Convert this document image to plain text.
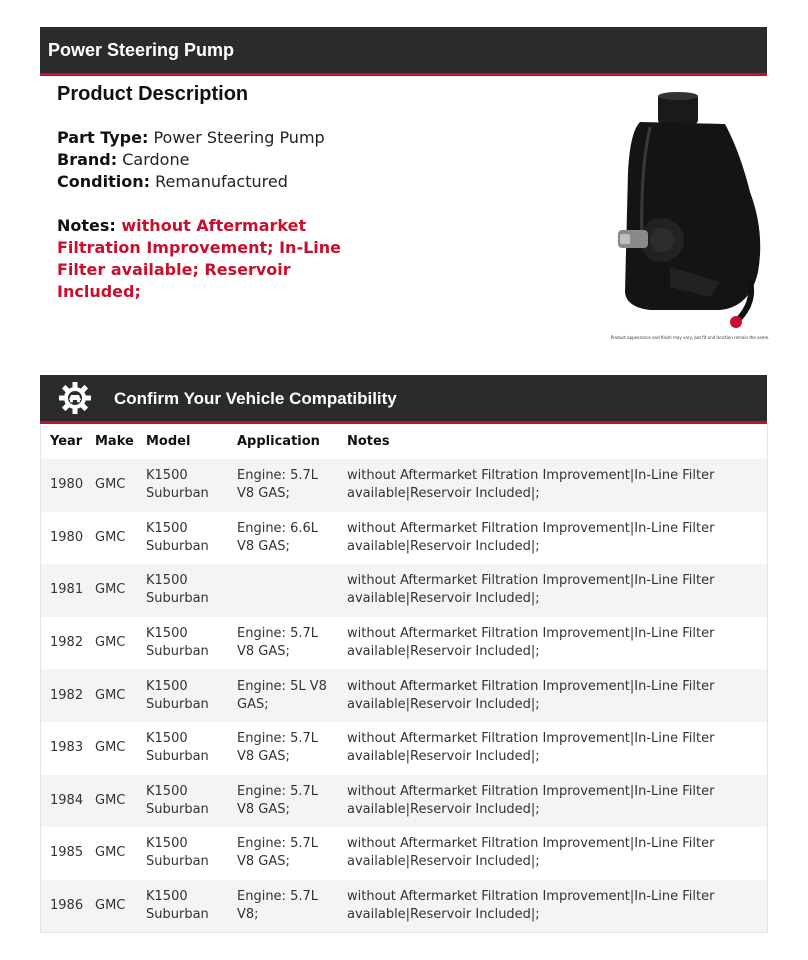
Power Steering Pump
Product Description
Part Type: Power Steering Pump
Brand: Cardone
Condition: Remanufactured
Notes: without Aftermarket Filtration Improvement; In-Line Filter available; Reservoir Included;
Product appearance and finish may vary, but fit and function remain the same.
Confirm Your Vehicle Compatibility
Year	Make	Model	Application	Notes
1980	GMC	K1500 Suburban	Engine: 5.7L V8 GAS;	without Aftermarket Filtration Improvement|In-Line Filter available|Reservoir Included|;
1980	GMC	K1500 Suburban	Engine: 6.6L V8 GAS;	without Aftermarket Filtration Improvement|In-Line Filter available|Reservoir Included|;
1981	GMC	K1500 Suburban		without Aftermarket Filtration Improvement|In-Line Filter available|Reservoir Included|;
1982	GMC	K1500 Suburban	Engine: 5.7L V8 GAS;	without Aftermarket Filtration Improvement|In-Line Filter available|Reservoir Included|;
1982	GMC	K1500 Suburban	Engine: 5L V8 GAS;	without Aftermarket Filtration Improvement|In-Line Filter available|Reservoir Included|;
1983	GMC	K1500 Suburban	Engine: 5.7L V8 GAS;	without Aftermarket Filtration Improvement|In-Line Filter available|Reservoir Included|;
1984	GMC	K1500 Suburban	Engine: 5.7L V8 GAS;	without Aftermarket Filtration Improvement|In-Line Filter available|Reservoir Included|;
1985	GMC	K1500 Suburban	Engine: 5.7L V8 GAS;	without Aftermarket Filtration Improvement|In-Line Filter available|Reservoir Included|;
1986	GMC	K1500 Suburban	Engine: 5.7L V8;	without Aftermarket Filtration Improvement|In-Line Filter available|Reservoir Included|;
